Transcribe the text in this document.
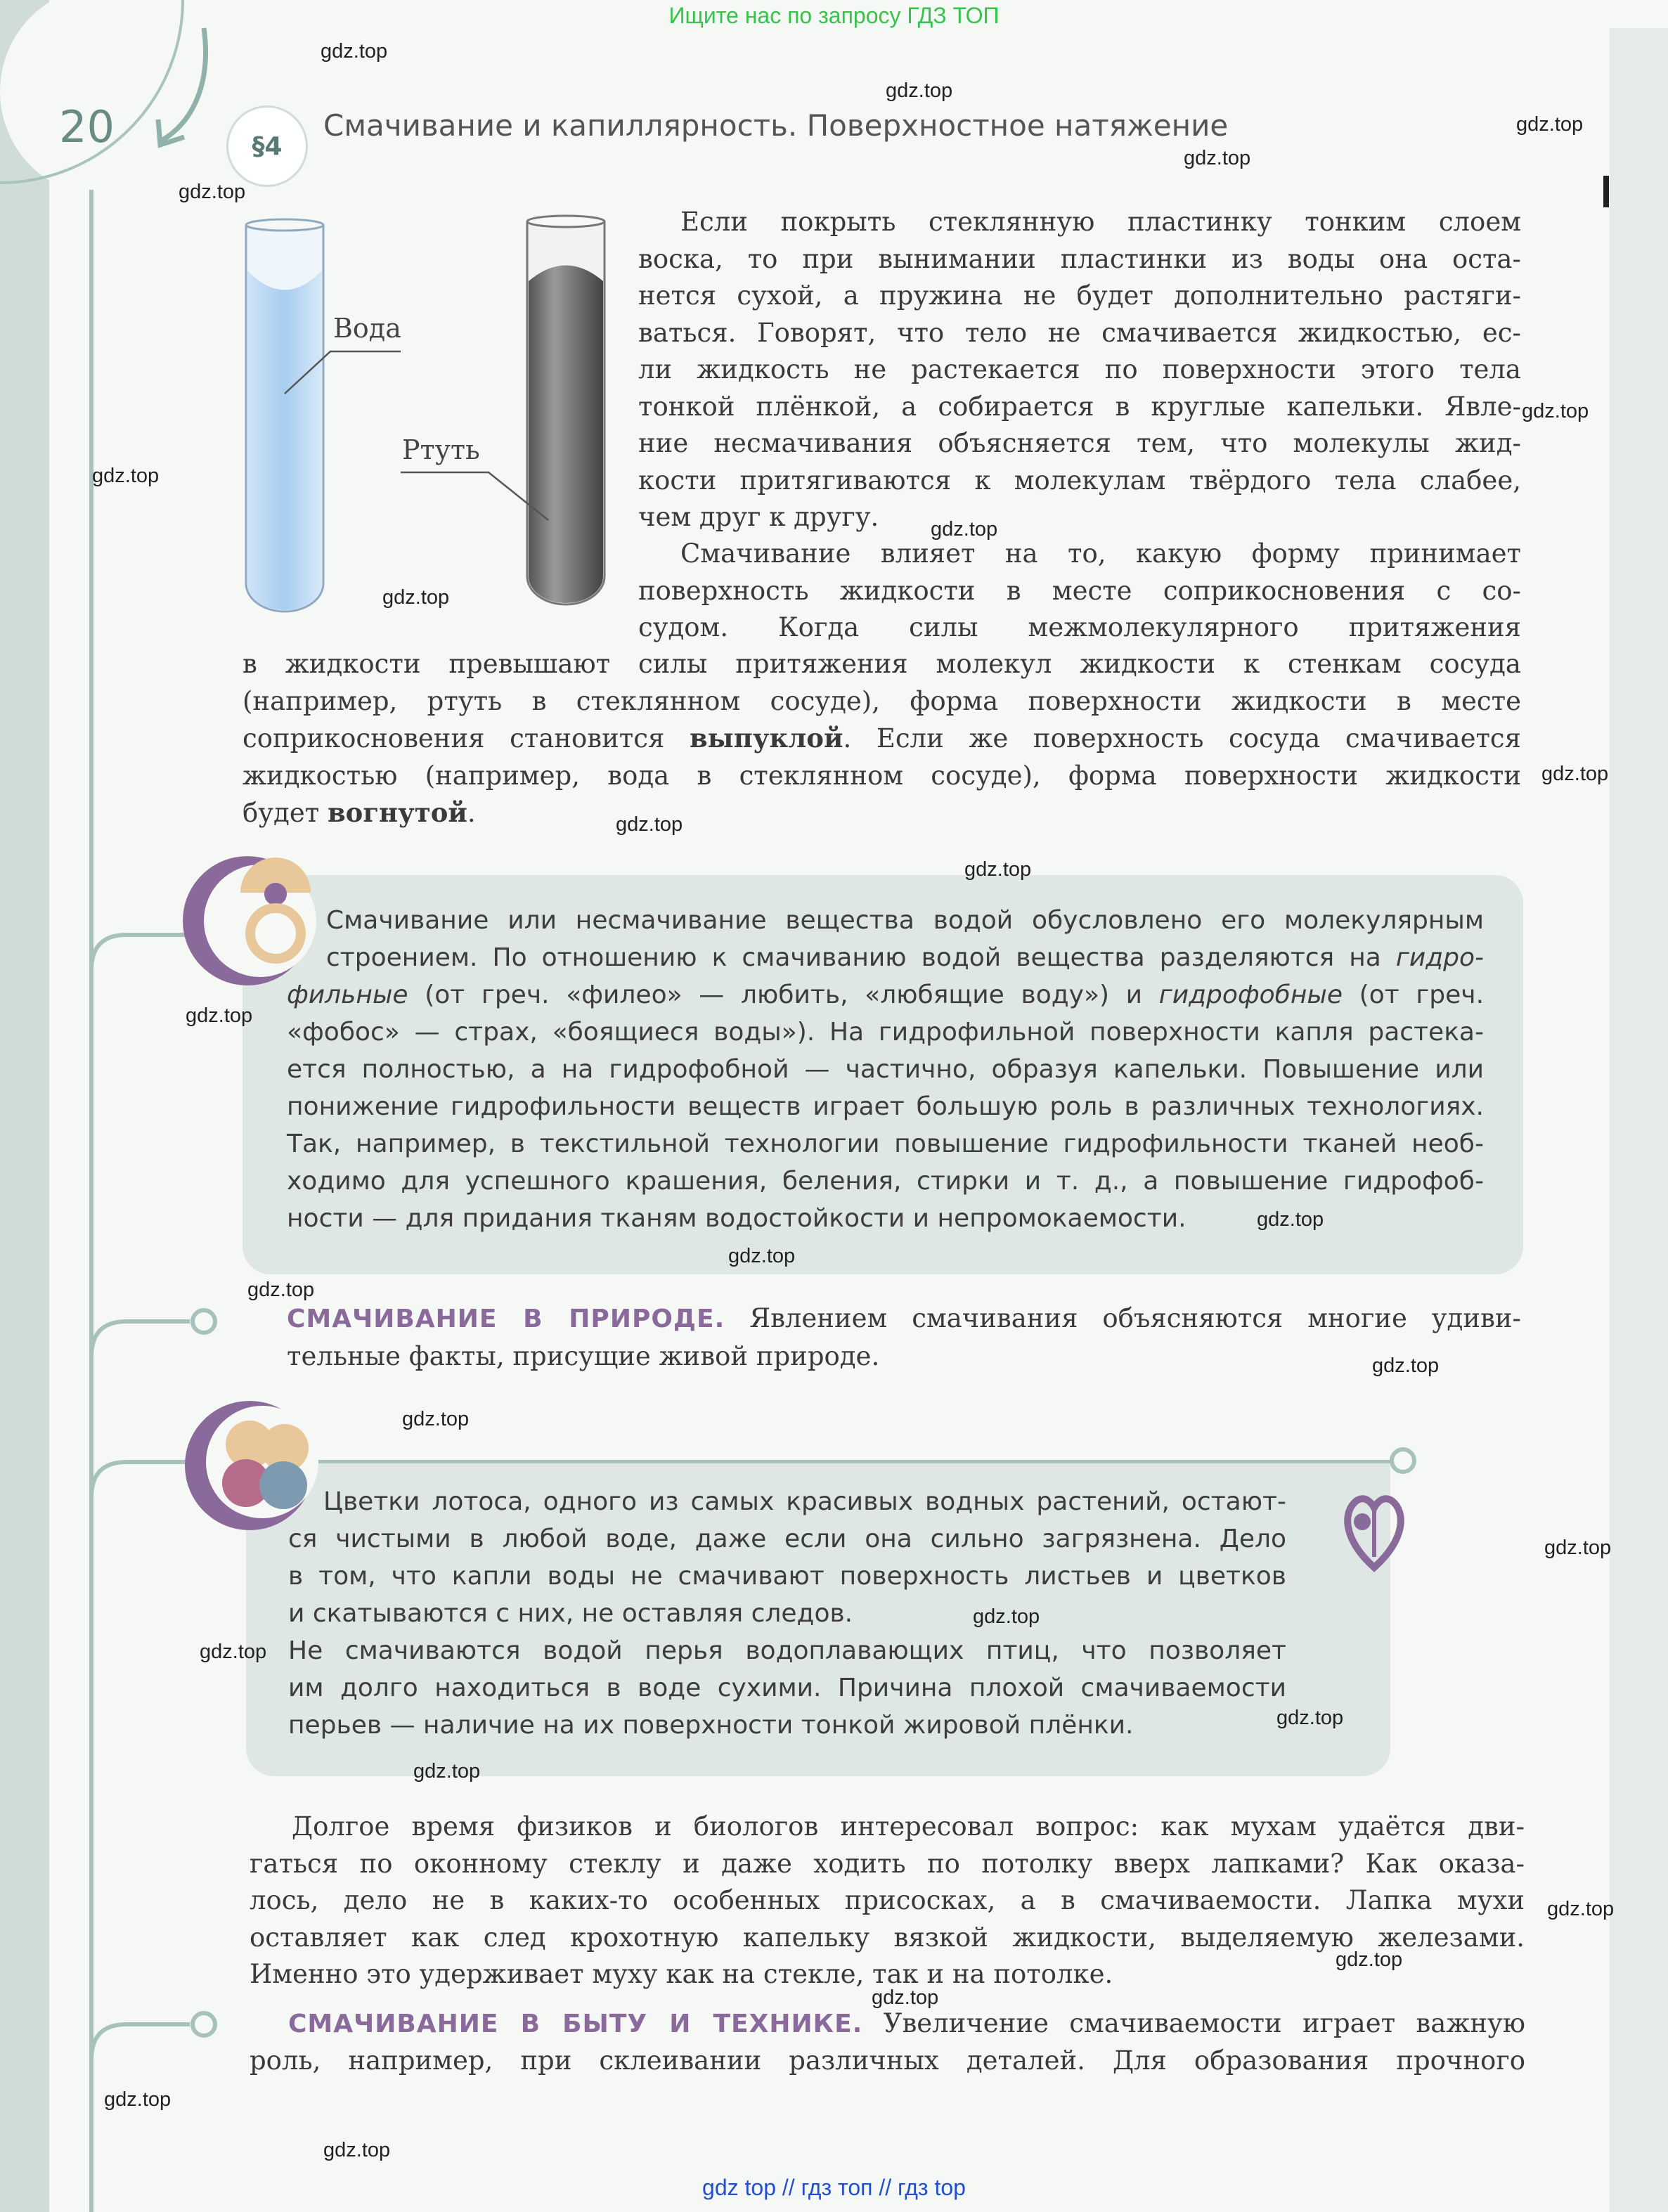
Ищите нас по запросу ГДЗ ТОП
20	§4
Смачивание и капиллярность. Поверхностное натяжение
Вода
Ртуть
Если покрыть стеклянную пластинку тонким слоем
воска, то при вынимании пластинки из воды она оста-
нется сухой, а пружина не будет дополнительно растяги-
ваться. Говорят, что тело не смачивается жидкостью, ес-
ли жидкость не растекается по поверхности этого тела
тонкой плёнкой, а собирается в круглые капельки. Явле-
ние несмачивания объясняется тем, что молекулы жид-
кости притягиваются к молекулам твёрдого тела слабее,
чем друг к другу.
Смачивание влияет на то, какую форму принимает
поверхность жидкости в месте соприкосновения с со-
судом. Когда силы межмолекулярного притяжения
в жидкости превышают силы притяжения молекул жидкости к стенкам сосуда
(например, ртуть в стеклянном сосуде), форма поверхности жидкости в месте
соприкосновения становится выпуклой. Если же поверхность сосуда смачивается
жидкостью (например, вода в стеклянном сосуде), форма поверхности жидкости
будет вогнутой.
Смачивание или несмачивание вещества водой обусловлено его молекулярным
строением. По отношению к смачиванию водой вещества разделяются на гидро-
фильные (от греч. «филео» — любить, «любящие воду») и гидрофобные (от греч.
«фобос» — страх, «боящиеся воды»). На гидрофильной поверхности капля растека-
ется полностью, а на гидрофобной — частично, образуя капельки. Повышение или
понижение гидрофильности веществ играет большую роль в различных технологиях.
Так, например, в текстильной технологии повышение гидрофильности тканей необ-
ходимо для успешного крашения, беления, стирки и т. д., а повышение гидрофоб-
ности — для придания тканям водостойкости и непромокаемости.
СМАЧИВАНИЕ В ПРИРОДЕ. Явлением смачивания объясняются многие удиви-
тельные факты, присущие живой природе.
Цветки лотоса, одного из самых красивых водных растений, остают-
ся чистыми в любой воде, даже если она сильно загрязнена. Дело
в том, что капли воды не смачивают поверхность листьев и цветков
и скатываются с них, не оставляя следов.
Не смачиваются водой перья водоплавающих птиц, что позволяет
им долго находиться в воде сухими. Причина плохой смачиваемости
перьев — наличие на их поверхности тонкой жировой плёнки.
Долгое время физиков и биологов интересовал вопрос: как мухам удаётся дви-
гаться по оконному стеклу и даже ходить по потолку вверх лапками? Как оказа-
лось, дело не в каких-то особенных присосках, а в смачиваемости. Лапка мухи
оставляет как след крохотную капельку вязкой жидкости, выделяемую железами.
Именно это удерживает муху как на стекле, так и на потолке.
СМАЧИВАНИЕ В БЫТУ И ТЕХНИКЕ. Увеличение смачиваемости играет важную
роль, например, при склеивании различных деталей. Для образования прочного
gdz.top
gdz.top
gdz.top
gdz.top
gdz.top
gdz.top
gdz.top
gdz.top
gdz.top
gdz.top
gdz.top
gdz.top
gdz.top
gdz.top
gdz.top
gdz.top
gdz.top
gdz.top
gdz.top
gdz.top
gdz.top
gdz.top
gdz.top
gdz.top
gdz.top
gdz.top
gdz.top
gdz.top
gdz top // гдз топ // гдз top
